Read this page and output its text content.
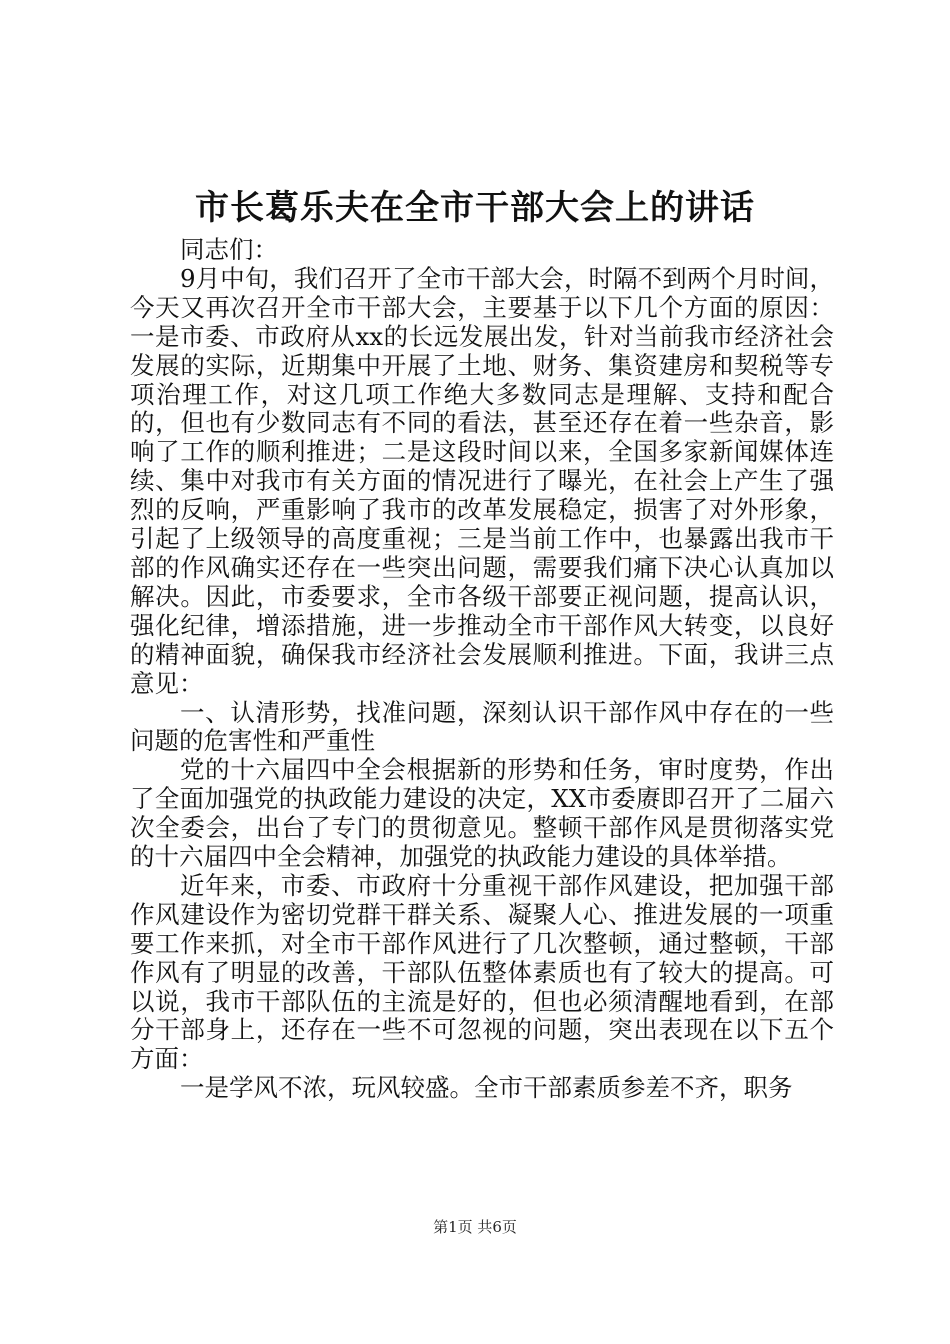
市长葛乐夫在全市干部大会上的讲话

同志们：

9月中旬，我们召开了全市干部大会，时隔不到两个月时间，今天又再次召开全市干部大会，主要基于以下几个方面的原因：一是市委、市政府从xx的长远发展出发，针对当前我市经济社会发展的实际，近期集中开展了土地、财务、集资建房和契税等专项治理工作，对这几项工作绝大多数同志是理解、支持和配合的，但也有少数同志有不同的看法，甚至还存在着一些杂音，影响了工作的顺利推进；二是这段时间以来，全国多家新闻媒体连续、集中对我市有关方面的情况进行了曝光，在社会上产生了强烈的反响，严重影响了我市的改革发展稳定，损害了对外形象，引起了上级领导的高度重视；三是当前工作中，也暴露出我市干部的作风确实还存在一些突出问题，需要我们痛下决心认真加以解决。因此，市委要求，全市各级干部要正视问题，提高认识，强化纪律，增添措施，进一步推动全市干部作风大转变，以良好的精神面貌，确保我市经济社会发展顺利推进。下面，我讲三点意见：

一、认清形势，找准问题，深刻认识干部作风中存在的一些问题的危害性和严重性

党的十六届四中全会根据新的形势和任务，审时度势，作出了全面加强党的执政能力建设的决定，XX市委赓即召开了二届六次全委会，出台了专门的贯彻意见。整顿干部作风是贯彻落实党的十六届四中全会精神，加强党的执政能力建设的具体举措。

近年来，市委、市政府十分重视干部作风建设，把加强干部作风建设作为密切党群干群关系、凝聚人心、推进发展的一项重要工作来抓，对全市干部作风进行了几次整顿，通过整顿，干部作风有了明显的改善，干部队伍整体素质也有了较大的提高。可以说，我市干部队伍的主流是好的，但也必须清醒地看到，在部分干部身上，还存在一些不可忽视的问题，突出表现在以下五个方面：

一是学风不浓，玩风较盛。全市干部素质参差不齐，职务

第1页 共6页
